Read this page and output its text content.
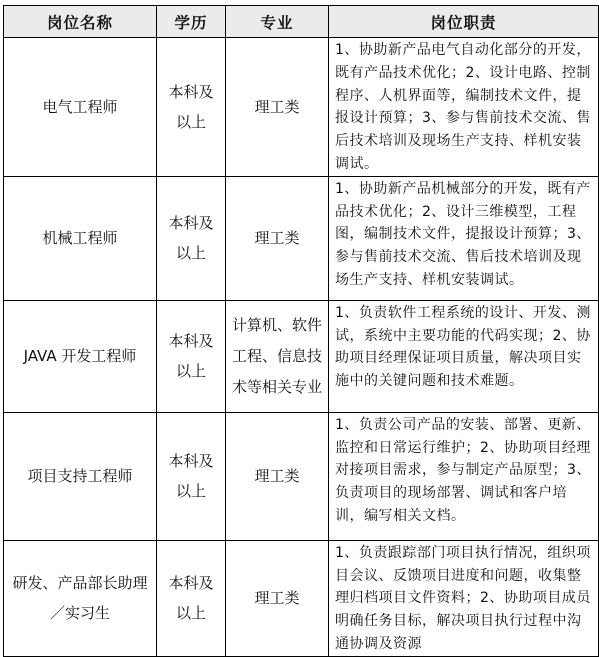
岗位名称	学历	专业	岗位职责

电气工程师	本科及以上	理工类	1、协助新产品电气自动化部分的开发，既有产品技术优化；2、设计电路、控制程序、人机界面等，编制技术文件，提报设计预算；3、参与售前技术交流、售后技术培训及现场生产支持、样机安装调试。

机械工程师	本科及以上	理工类	1、协助新产品机械部分的开发，既有产品技术优化；2、设计三维模型，工程图，编制技术文件，提报设计预算；3、参与售前技术交流、售后技术培训及现场生产支持、样机安装调试。

JAVA 开发工程师	本科及以上	计算机、软件工程、信息技术等相关专业	1、负责软件工程系统的设计、开发、测试，系统中主要功能的代码实现；2、协助项目经理保证项目质量，解决项目实施中的关键问题和技术难题。

项目支持工程师	本科及以上	理工类	1、负责公司产品的安装、部署、更新、监控和日常运行维护；2、协助项目经理对接项目需求，参与制定产品原型；3、负责项目的现场部署、调试和客户培训，编写相关文档。

研发、产品部长助理／实习生	本科及以上	理工类	1、负责跟踪部门项目执行情况，组织项目会议、反馈项目进度和问题，收集整理归档项目文件资料；2、协助项目成员明确任务目标，解决项目执行过程中沟通协调及资源
